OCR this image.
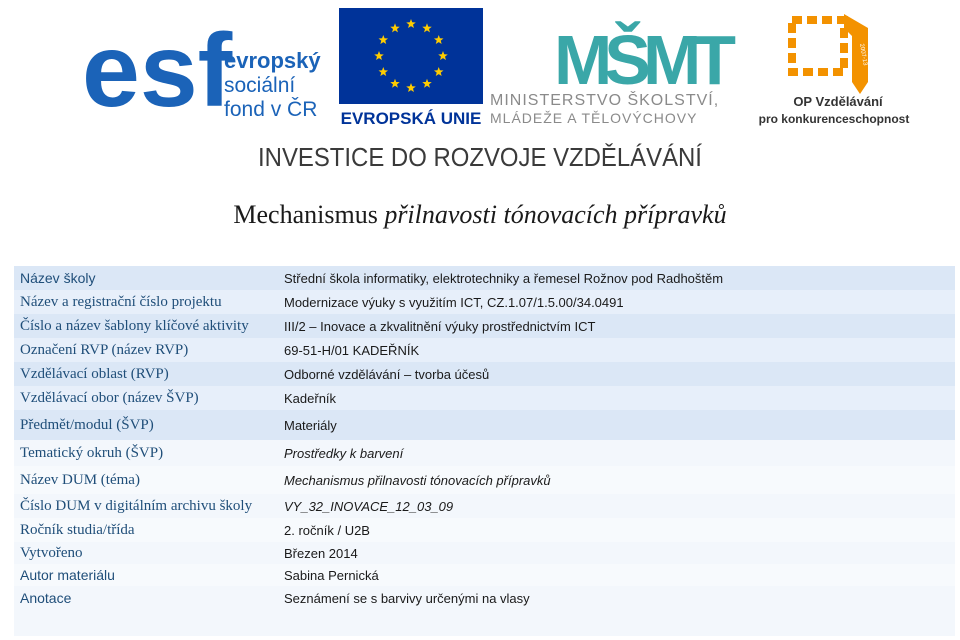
esf
evropský
sociální
fond v ČR EVROPSKÁ UNIE
MŠMT
MINISTERSTVO ŠKOLSTVÍ,
MLÁDEŽE A TĚLOVÝCHOVY
2007-13
OP Vzdělávání
pro konkurenceschopnost
INVESTICE DO ROZVOJE VZDĚLÁVÁNÍ
Mechanismus přilnavosti tónovacích přípravků
Název školy	Střední škola informatiky, elektrotechniky a řemesel Rožnov pod Radhoštěm
Název a registrační číslo projektu	Modernizace výuky s využitím ICT, CZ.1.07/1.5.00/34.0491
Číslo a název šablony klíčové aktivity	III/2 – Inovace a zkvalitnění výuky prostřednictvím ICT
Označení RVP (název RVP)	69-51-H/01 KADEŘNÍK
Vzdělávací oblast (RVP)	Odborné vzdělávání – tvorba účesů
Vzdělávací obor (název ŠVP)	Kadeřník
Předmět/modul (ŠVP)	Materiály
Tematický okruh (ŠVP)	Prostředky k barvení
Název DUM (téma)	Mechanismus přilnavosti tónovacích přípravků
Číslo DUM v digitálním archivu školy	VY_32_INOVACE_12_03_09
Ročník studia/třída	2. ročník / U2B
Vytvořeno	Březen 2014
Autor materiálu	Sabina Pernická
Anotace	Seznámení se s barvivy určenými na vlasy
